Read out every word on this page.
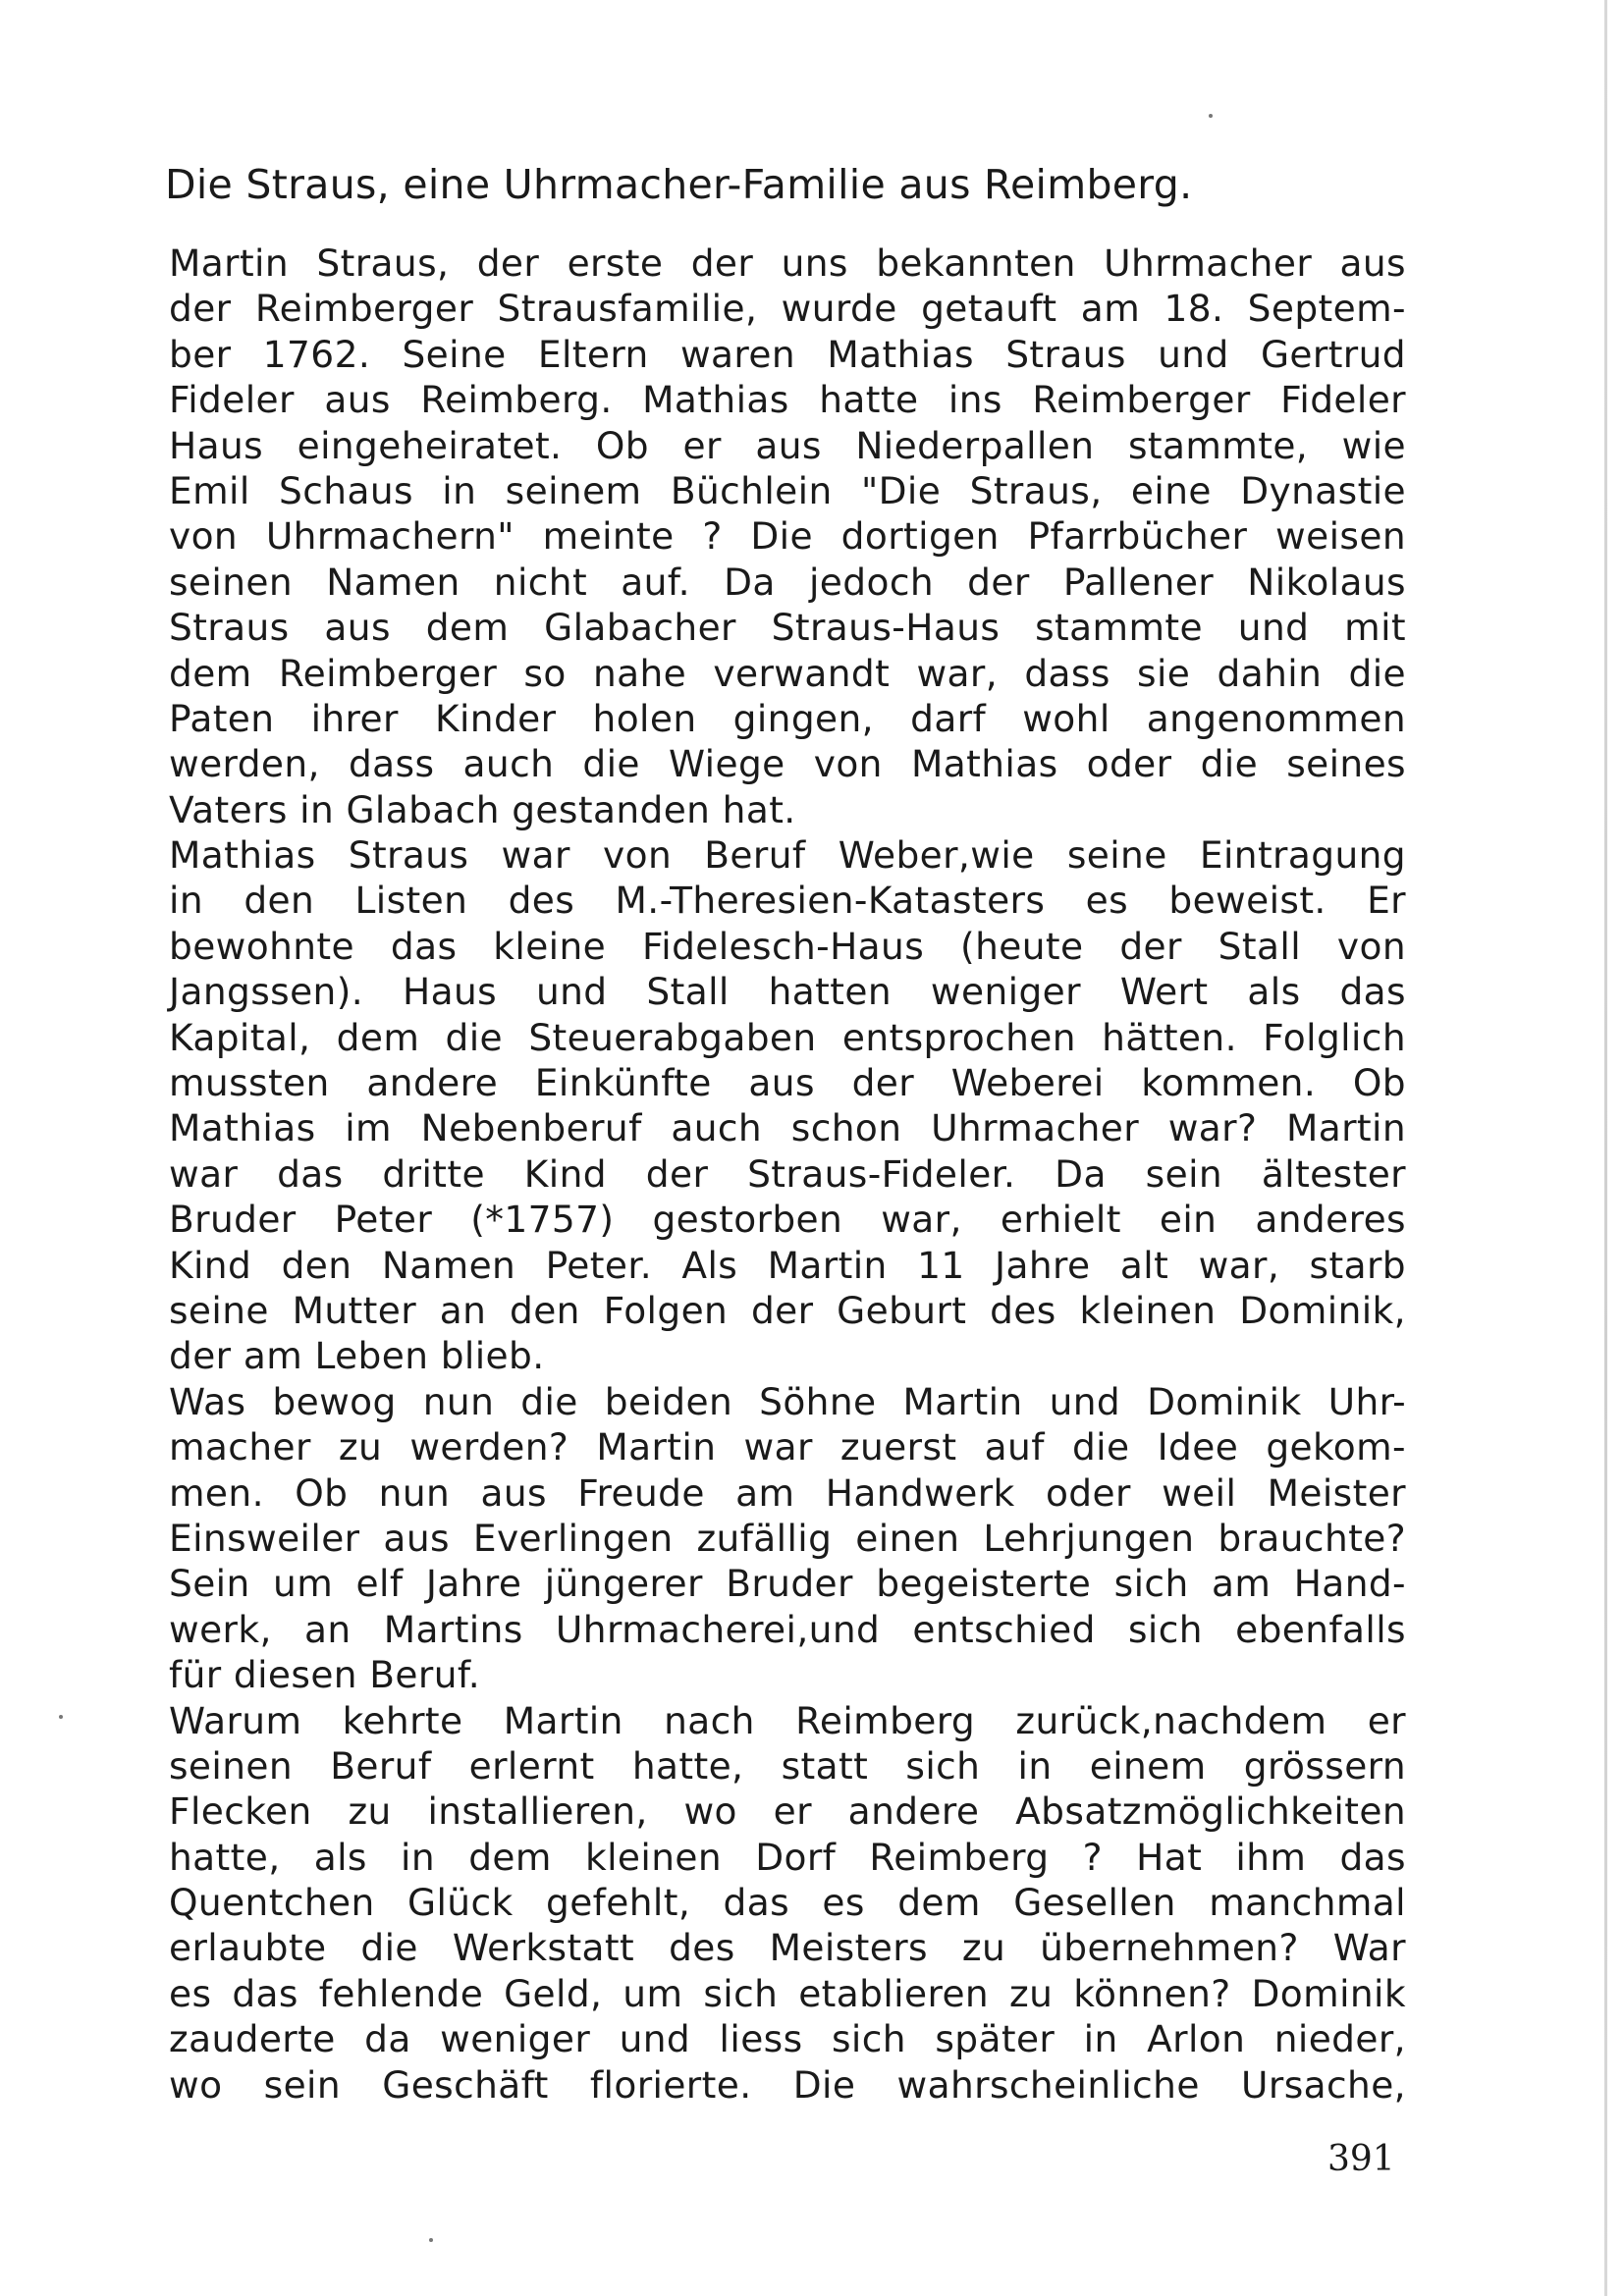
Die Straus, eine Uhrmacher-Familie aus Reimberg.
Martin Straus, der erste der uns bekannten Uhrmacher aus
der Reimberger Strausfamilie, wurde getauft am 18. Septem-
ber 1762. Seine Eltern waren Mathias Straus und Gertrud
Fideler aus Reimberg. Mathias hatte ins Reimberger Fideler
Haus eingeheiratet. Ob er aus Niederpallen stammte, wie
Emil Schaus in seinem Büchlein "Die Straus, eine Dynastie
von Uhrmachern" meinte ? Die dortigen Pfarrbücher weisen
seinen Namen nicht auf. Da jedoch der Pallener Nikolaus
Straus aus dem Glabacher Straus-Haus stammte und mit
dem Reimberger so nahe verwandt war, dass sie dahin die
Paten ihrer Kinder holen gingen, darf wohl angenommen
werden, dass auch die Wiege von Mathias oder die seines
Vaters in Glabach gestanden hat.
Mathias Straus war von Beruf Weber,wie seine Eintragung
in den Listen des M.-Theresien-Katasters es beweist. Er
bewohnte das kleine Fidelesch-Haus (heute der Stall von
Jangssen). Haus und Stall hatten weniger Wert als das
Kapital, dem die Steuerabgaben entsprochen hätten. Folglich
mussten andere Einkünfte aus der Weberei kommen. Ob
Mathias im Nebenberuf auch schon Uhrmacher war? Martin
war das dritte Kind der Straus-Fideler. Da sein ältester
Bruder Peter (*1757) gestorben war, erhielt ein anderes
Kind den Namen Peter. Als Martin 11 Jahre alt war, starb
seine Mutter an den Folgen der Geburt des kleinen Dominik,
der am Leben blieb.
Was bewog nun die beiden Söhne Martin und Dominik Uhr-
macher zu werden? Martin war zuerst auf die Idee gekom-
men. Ob nun aus Freude am Handwerk oder weil Meister
Einsweiler aus Everlingen zufällig einen Lehrjungen brauchte?
Sein um elf Jahre jüngerer Bruder begeisterte sich am Hand-
werk, an Martins Uhrmacherei,und entschied sich ebenfalls
für diesen Beruf.
Warum kehrte Martin nach Reimberg zurück,nachdem er
seinen Beruf erlernt hatte, statt sich in einem grössern
Flecken zu installieren, wo er andere Absatzmöglichkeiten
hatte, als in dem kleinen Dorf Reimberg ? Hat ihm das
Quentchen Glück gefehlt, das es dem Gesellen manchmal
erlaubte die Werkstatt des Meisters zu übernehmen? War
es das fehlende Geld, um sich etablieren zu können? Dominik
zauderte da weniger und liess sich später in Arlon nieder,
wo sein Geschäft florierte. Die wahrscheinliche Ursache,
391
